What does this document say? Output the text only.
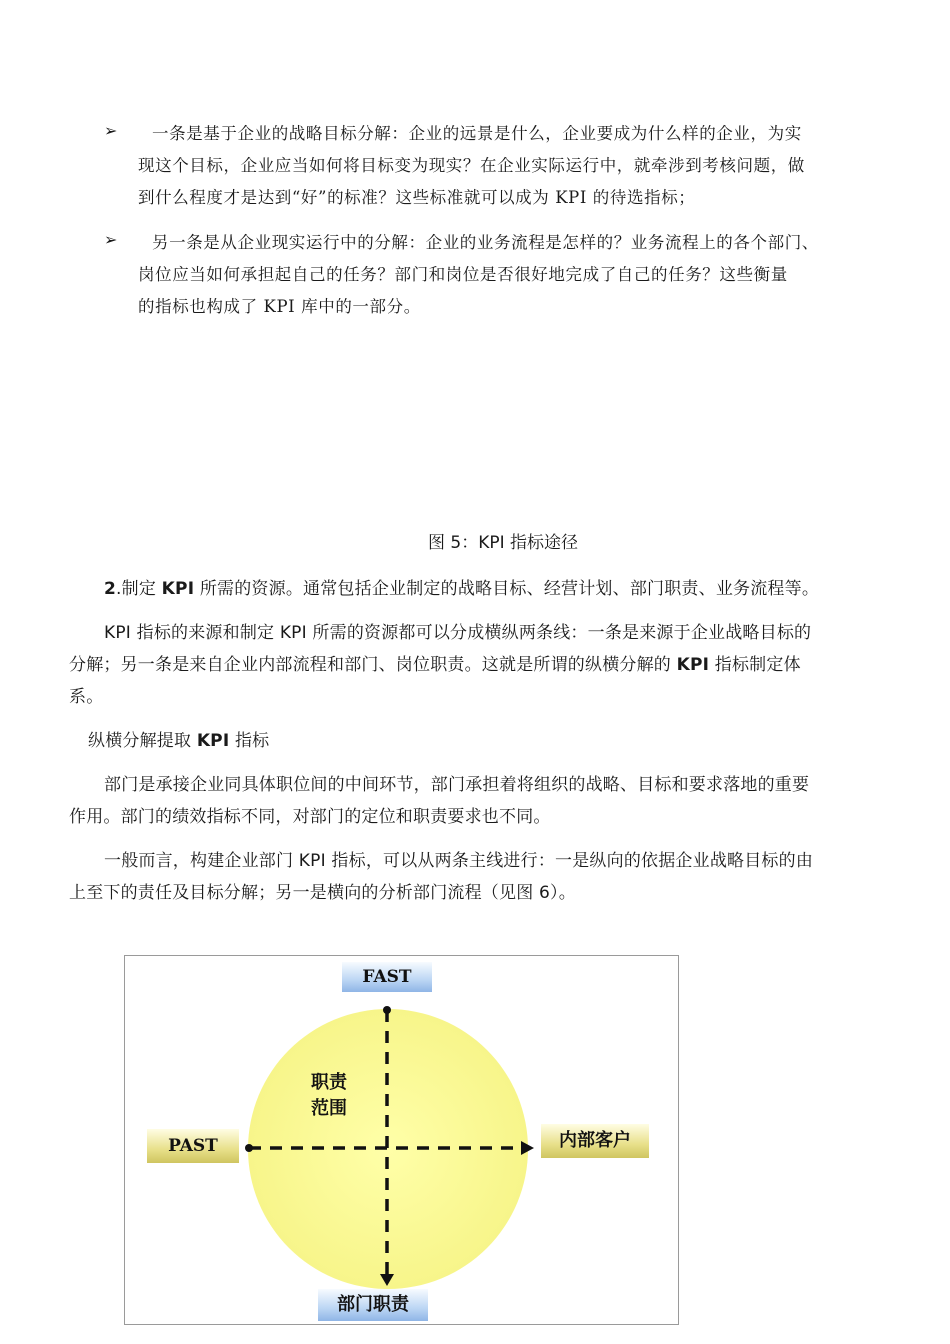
➢ 一条是基于企业的战略目标分解：企业的远景是什么，企业要成为什么样的企业，为实
现这个目标，企业应当如何将目标变为现实？在企业实际运行中，就牵涉到考核问题，做
到什么程度才是达到“好”的标准？这些标准就可以成为 KPI 的待选指标；
➢ 另一条是从企业现实运行中的分解：企业的业务流程是怎样的？业务流程上的各个部门、
岗位应当如何承担起自己的任务？部门和岗位是否很好地完成了自己的任务？这些衡量
的指标也构成了 KPI 库中的一部分。
图 5：KPI 指标途径
2.制定 KPI 所需的资源。通常包括企业制定的战略目标、经营计划、部门职责、业务流程等。
KPI 指标的来源和制定 KPI 所需的资源都可以分成横纵两条线：一条是来源于企业战略目标的
分解；另一条是来自企业内部流程和部门、岗位职责。这就是所谓的纵横分解的 KPI 指标制定体
系。
纵横分解提取 KPI 指标
部门是承接企业同具体职位间的中间环节，部门承担着将组织的战略、目标和要求落地的重要
作用。部门的绩效指标不同，对部门的定位和职责要求也不同。
一般而言，构建企业部门 KPI 指标，可以从两条主线进行：一是纵向的依据企业战略目标的由
上至下的责任及目标分解；另一是横向的分析部门流程（见图 6）。
FAST
PAST	内部客户
部门职责
职责
范围
